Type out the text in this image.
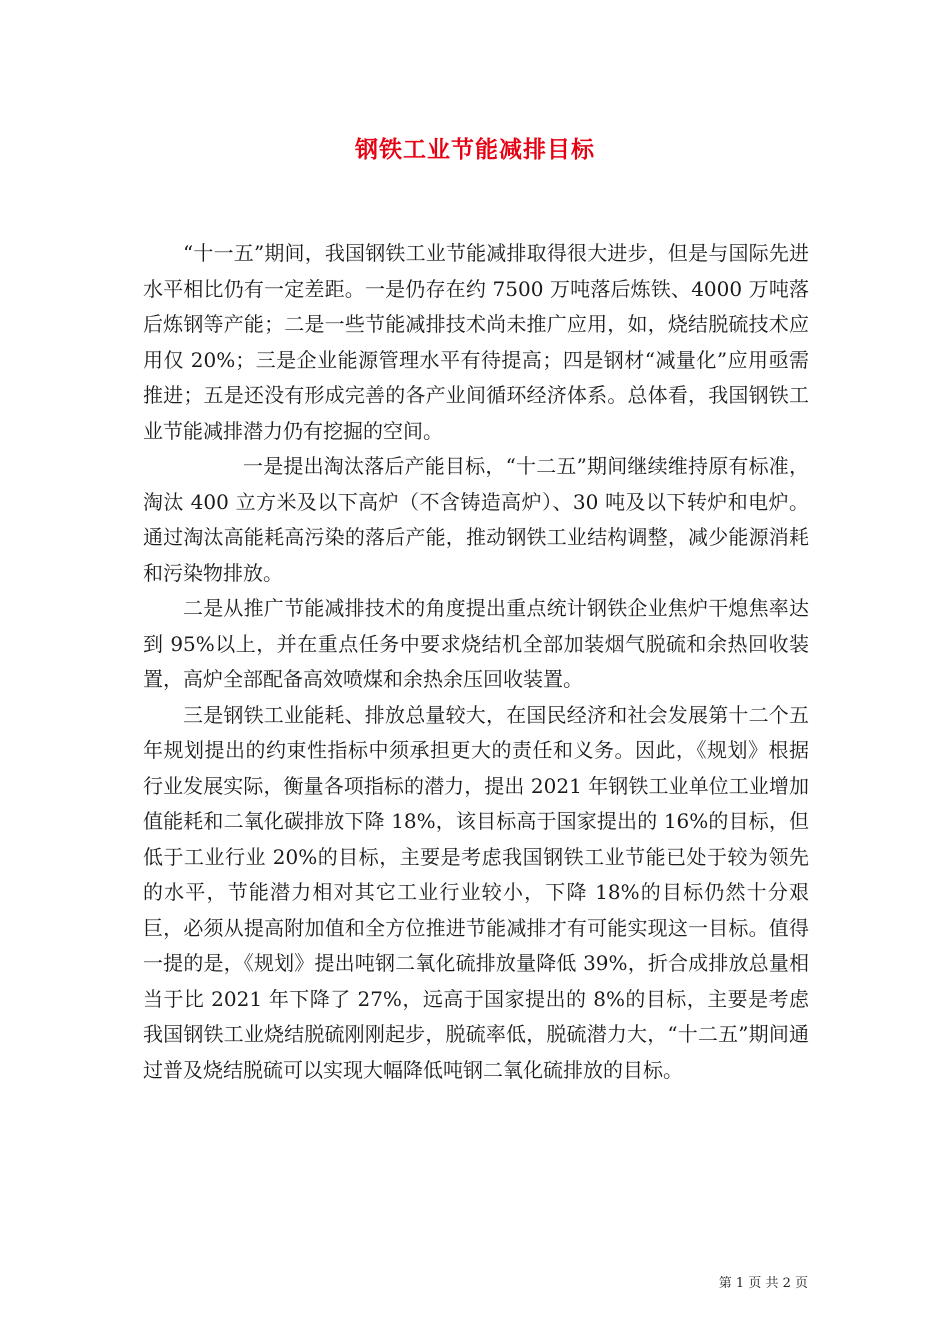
钢铁工业节能减排目标

“十一五”期间，我国钢铁工业节能减排取得很大进步，但是与国际先进水平相比仍有一定差距。一是仍存在约 7500 万吨落后炼铁、4000 万吨落后炼钢等产能；二是一些节能减排技术尚未推广应用，如，烧结脱硫技术应用仅 20%；三是企业能源管理水平有待提高；四是钢材“减量化”应用亟需推进；五是还没有形成完善的各产业间循环经济体系。总体看，我国钢铁工业节能减排潜力仍有挖掘的空间。

一是提出淘汰落后产能目标，“十二五”期间继续维持原有标准，淘汰 400 立方米及以下高炉（不含铸造高炉）、30 吨及以下转炉和电炉。通过淘汰高能耗高污染的落后产能，推动钢铁工业结构调整，减少能源消耗和污染物排放。

二是从推广节能减排技术的角度提出重点统计钢铁企业焦炉干熄焦率达到 95%以上，并在重点任务中要求烧结机全部加装烟气脱硫和余热回收装置，高炉全部配备高效喷煤和余热余压回收装置。

三是钢铁工业能耗、排放总量较大，在国民经济和社会发展第十二个五年规划提出的约束性指标中须承担更大的责任和义务。因此，《规划》根据行业发展实际，衡量各项指标的潜力，提出 2021 年钢铁工业单位工业增加值能耗和二氧化碳排放下降 18%，该目标高于国家提出的 16%的目标，但低于工业行业 20%的目标，主要是考虑我国钢铁工业节能已处于较为领先的水平，节能潜力相对其它工业行业较小，下降 18%的目标仍然十分艰巨，必须从提高附加值和全方位推进节能减排才有可能实现这一目标。值得一提的是，《规划》提出吨钢二氧化硫排放量降低 39%，折合成排放总量相当于比 2021 年下降了 27%，远高于国家提出的 8%的目标，主要是考虑我国钢铁工业烧结脱硫刚刚起步，脱硫率低，脱硫潜力大，“十二五”期间通过普及烧结脱硫可以实现大幅降低吨钢二氧化硫排放的目标。

第 1 页 共 2 页
